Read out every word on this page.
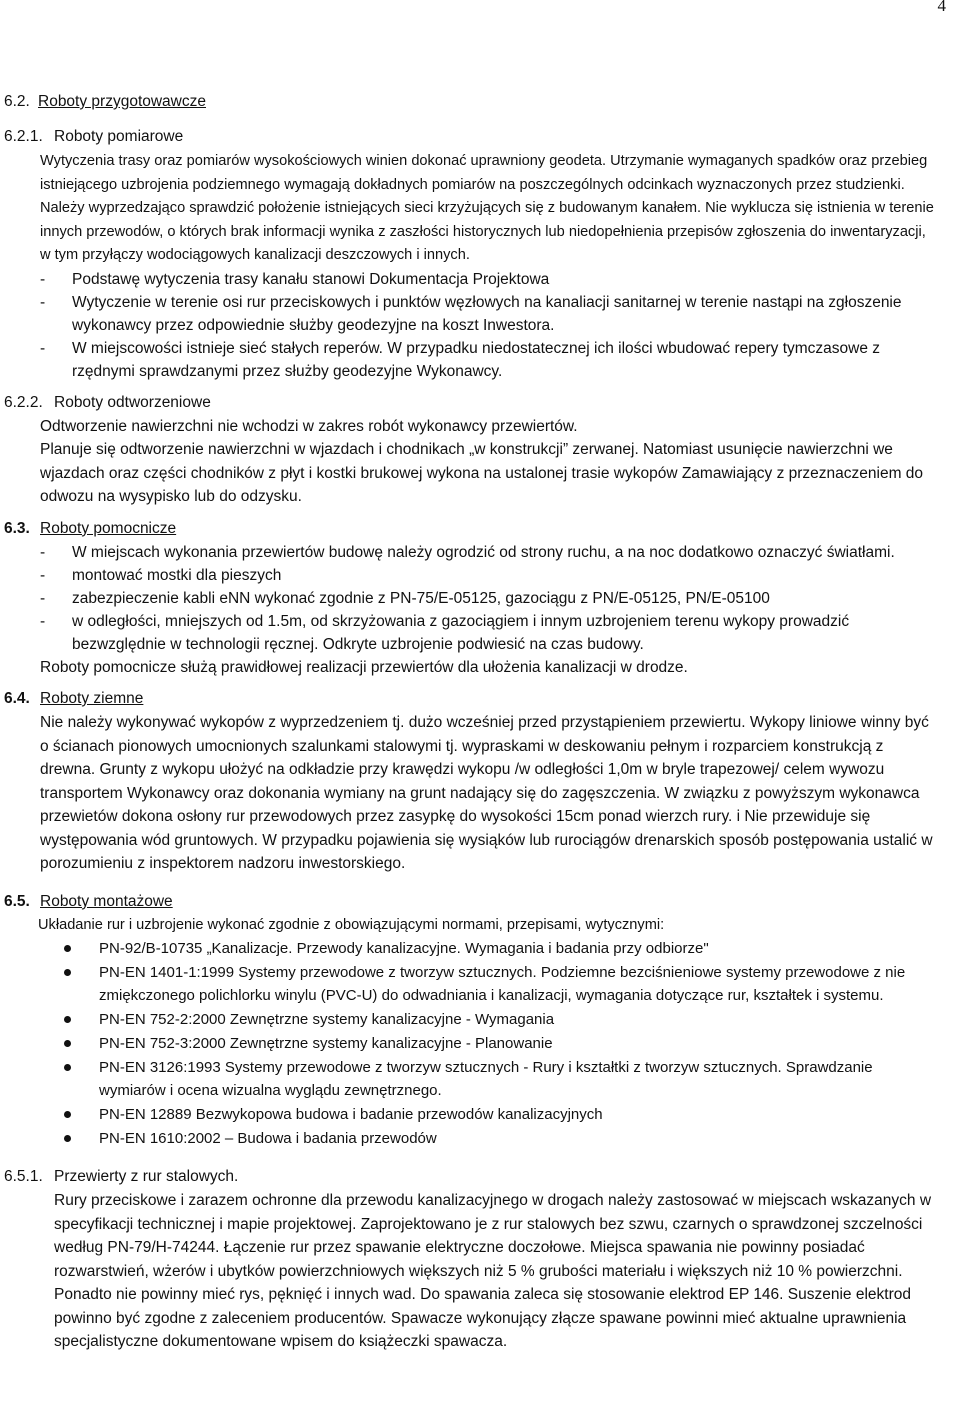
4
6.2. Roboty przygotowawcze
6.2.1. Roboty pomiarowe

Wytyczenia trasy oraz pomiarów wysokościowych winien dokonać uprawniony geodeta. Utrzymanie wymaganych spadków oraz przebieg istniejącego uzbrojenia podziemnego wymagają dokładnych pomiarów na poszczególnych odcinkach wyznaczonych przez studzienki. Należy wyprzedzająco sprawdzić położenie istniejących sieci krzyżujących się z budowanym kanałem. Nie wyklucza się istnienia w terenie innych przewodów, o których brak informacji wynika z zaszłości historycznych lub niedopełnienia przepisów zgłoszenia do inwentaryzacji, w tym przyłączy wodociągowych kanalizacji deszczowych i innych.

- Podstawę wytyczenia trasy kanału stanowi Dokumentacja Projektowa
- Wytyczenie w terenie osi rur przeciskowych i punktów węzłowych na kanaliacji sanitarnej w terenie nastąpi na zgłoszenie wykonawcy przez odpowiednie służby geodezyjne na koszt Inwestora.
- W miejscowości istnieje sieć stałych reperów. W przypadku niedostatecznej ich ilości wbudować repery tymczasowe z rzędnymi sprawdzanymi przez służby geodezyjne Wykonawcy.
6.2.2. Roboty odtworzeniowe

Odtworzenie nawierzchni nie wchodzi w zakres robót wykonawcy przewiertów.

Planuje się odtworzenie nawierzchni w wjazdach i chodnikach „w konstrukcji” zerwanej. Natomiast usunięcie nawierzchni we wjazdach oraz części chodników z płyt i kostki brukowej wykona na ustalonej trasie wykopów Zamawiający z przeznaczeniem do odwozu na wysypisko lub do odzysku.

6.3. Roboty pomocnicze
- W miejscach wykonania przewiertów budowę należy ogrodzić od strony ruchu, a na noc dodatkowo oznaczyć światłami.
- montować mostki dla pieszych
- zabezpieczenie kabli eNN wykonać zgodnie z PN-75/E-05125, gazociągu z PN/E-05125, PN/E-05100
- w odległości, mniejszych od 1.5m, od skrzyżowania z gazociągiem i innym uzbrojeniem terenu wykopy prowadzić bezwzględnie w technologii ręcznej. Odkryte uzbrojenie podwiesić na czas budowy.

Roboty pomocnicze służą prawidłowej realizacji przewiertów dla ułożenia kanalizacji w drodze.

6.4. Roboty ziemne

Nie należy wykonywać wykopów z wyprzedzeniem tj. dużo wcześniej przed przystąpieniem przewiertu. Wykopy liniowe winny być o ścianach pionowych umocnionych szalunkami stalowymi tj. wypraskami w deskowaniu pełnym i rozparciem konstrukcją z drewna. Grunty z wykopu ułożyć na odkładzie przy krawędzi wykopu /w odległości 1,0m w bryle trapezowej/ celem wywozu transportem Wykonawcy oraz dokonania wymiany na grunt nadający się do zagęszczenia. W związku z powyższym wykonawca przewietów dokona osłony rur przewodowych przez zasypkę do wysokości 15cm ponad wierzch rury. i Nie przewiduje się występowania wód gruntowych. W przypadku pojawienia się wysiąków lub rurociągów drenarskich sposób postępowania ustalić w porozumieniu z inspektorem nadzoru inwestorskiego.

6.5. Roboty montażowe

Układanie rur i uzbrojenie wykonać zgodnie z obowiązującymi normami, przepisami, wytycznymi:

PN-92/B-10735 „Kanalizacje. Przewody kanalizacyjne. Wymagania i badania przy odbiorze"
PN-EN 1401-1:1999 Systemy przewodowe z tworzyw sztucznych. Podziemne bezciśnieniowe systemy przewodowe z nie zmiękczonego polichlorku winylu (PVC-U) do odwadniania i kanalizacji, wymagania dotyczące rur, kształtek i systemu.
PN-EN 752-2:2000 Zewnętrzne systemy kanalizacyjne - Wymagania
PN-EN 752-3:2000 Zewnętrzne systemy kanalizacyjne - Planowanie
PN-EN 3126:1993 Systemy przewodowe z tworzyw sztucznych - Rury i kształtki z tworzyw sztucznych. Sprawdzanie wymiarów i ocena wizualna wyglądu zewnętrznego.
PN-EN 12889 Bezwykopowa budowa i badanie przewodów kanalizacyjnych
PN-EN 1610:2002 – Budowa i badania przewodów
6.5.1. Przewierty z rur stalowych.

Rury przeciskowe i zarazem ochronne dla przewodu kanalizacyjnego w drogach należy zastosować w miejscach wskazanych w specyfikacji technicznej i mapie projektowej. Zaprojektowano je z rur stalowych bez szwu, czarnych o sprawdzonej szczelności według PN-79/H-74244. Łączenie rur przez spawanie elektryczne doczołowe. Miejsca spawania nie powinny posiadać rozwarstwień, wżerów i ubytków powierzchniowych większych niż 5 % grubości materiału i większych niż 10 % powierzchni. Ponadto nie powinny mieć rys, pęknięć i innych wad. Do spawania zaleca się stosowanie elektrod EP 146. Suszenie elektrod powinno być zgodne z zaleceniem producentów. Spawacze wykonujący złącze spawane powinni mieć aktualne uprawnienia specjalistyczne dokumentowane wpisem do książeczki spawacza.
